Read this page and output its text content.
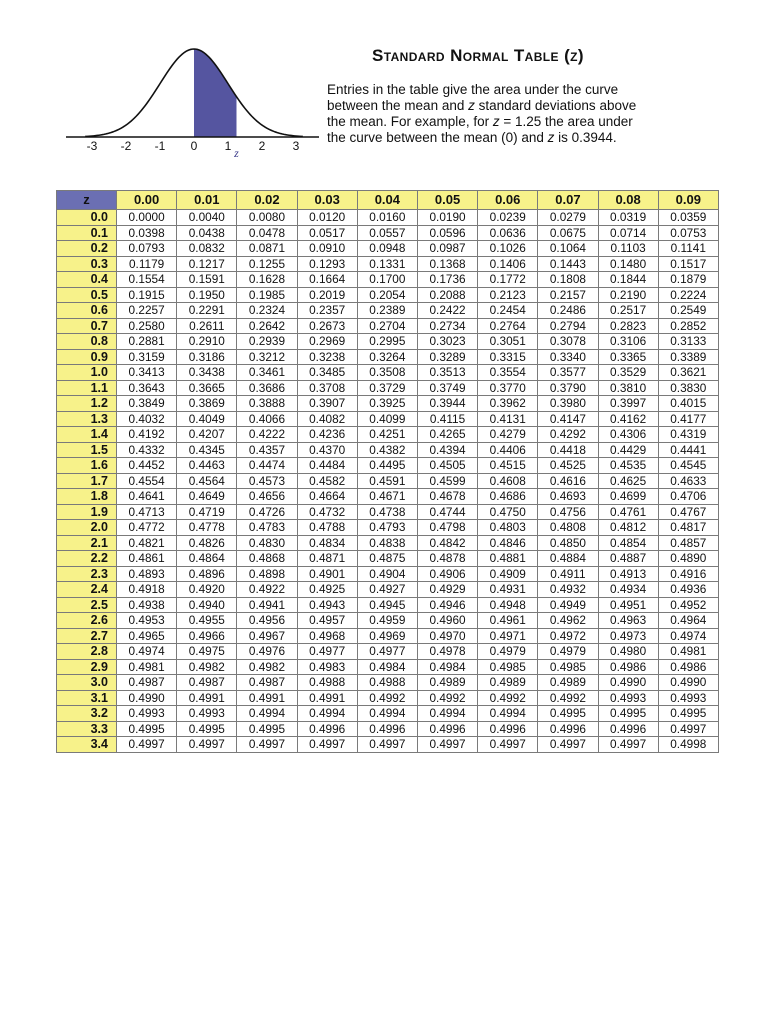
-3 -2 -1 0 1 2 3
z
Standard Normal Table (z)
Entries in the table give the area under the curve
between the mean and z standard deviations above
the mean. For example, for z = 1.25 the area under
the curve between the mean (0) and z is 0.3944.
z	0.00	0.01	0.02	0.03	0.04	0.05	0.06	0.07	0.08	0.09
0.0	0.0000	0.0040	0.0080	0.0120	0.0160	0.0190	0.0239	0.0279	0.0319	0.0359
0.1	0.0398	0.0438	0.0478	0.0517	0.0557	0.0596	0.0636	0.0675	0.0714	0.0753
0.2	0.0793	0.0832	0.0871	0.0910	0.0948	0.0987	0.1026	0.1064	0.1103	0.1141
0.3	0.1179	0.1217	0.1255	0.1293	0.1331	0.1368	0.1406	0.1443	0.1480	0.1517
0.4	0.1554	0.1591	0.1628	0.1664	0.1700	0.1736	0.1772	0.1808	0.1844	0.1879
0.5	0.1915	0.1950	0.1985	0.2019	0.2054	0.2088	0.2123	0.2157	0.2190	0.2224
0.6	0.2257	0.2291	0.2324	0.2357	0.2389	0.2422	0.2454	0.2486	0.2517	0.2549
0.7	0.2580	0.2611	0.2642	0.2673	0.2704	0.2734	0.2764	0.2794	0.2823	0.2852
0.8	0.2881	0.2910	0.2939	0.2969	0.2995	0.3023	0.3051	0.3078	0.3106	0.3133
0.9	0.3159	0.3186	0.3212	0.3238	0.3264	0.3289	0.3315	0.3340	0.3365	0.3389
1.0	0.3413	0.3438	0.3461	0.3485	0.3508	0.3513	0.3554	0.3577	0.3529	0.3621
1.1	0.3643	0.3665	0.3686	0.3708	0.3729	0.3749	0.3770	0.3790	0.3810	0.3830
1.2	0.3849	0.3869	0.3888	0.3907	0.3925	0.3944	0.3962	0.3980	0.3997	0.4015
1.3	0.4032	0.4049	0.4066	0.4082	0.4099	0.4115	0.4131	0.4147	0.4162	0.4177
1.4	0.4192	0.4207	0.4222	0.4236	0.4251	0.4265	0.4279	0.4292	0.4306	0.4319
1.5	0.4332	0.4345	0.4357	0.4370	0.4382	0.4394	0.4406	0.4418	0.4429	0.4441
1.6	0.4452	0.4463	0.4474	0.4484	0.4495	0.4505	0.4515	0.4525	0.4535	0.4545
1.7	0.4554	0.4564	0.4573	0.4582	0.4591	0.4599	0.4608	0.4616	0.4625	0.4633
1.8	0.4641	0.4649	0.4656	0.4664	0.4671	0.4678	0.4686	0.4693	0.4699	0.4706
1.9	0.4713	0.4719	0.4726	0.4732	0.4738	0.4744	0.4750	0.4756	0.4761	0.4767
2.0	0.4772	0.4778	0.4783	0.4788	0.4793	0.4798	0.4803	0.4808	0.4812	0.4817
2.1	0.4821	0.4826	0.4830	0.4834	0.4838	0.4842	0.4846	0.4850	0.4854	0.4857
2.2	0.4861	0.4864	0.4868	0.4871	0.4875	0.4878	0.4881	0.4884	0.4887	0.4890
2.3	0.4893	0.4896	0.4898	0.4901	0.4904	0.4906	0.4909	0.4911	0.4913	0.4916
2.4	0.4918	0.4920	0.4922	0.4925	0.4927	0.4929	0.4931	0.4932	0.4934	0.4936
2.5	0.4938	0.4940	0.4941	0.4943	0.4945	0.4946	0.4948	0.4949	0.4951	0.4952
2.6	0.4953	0.4955	0.4956	0.4957	0.4959	0.4960	0.4961	0.4962	0.4963	0.4964
2.7	0.4965	0.4966	0.4967	0.4968	0.4969	0.4970	0.4971	0.4972	0.4973	0.4974
2.8	0.4974	0.4975	0.4976	0.4977	0.4977	0.4978	0.4979	0.4979	0.4980	0.4981
2.9	0.4981	0.4982	0.4982	0.4983	0.4984	0.4984	0.4985	0.4985	0.4986	0.4986
3.0	0.4987	0.4987	0.4987	0.4988	0.4988	0.4989	0.4989	0.4989	0.4990	0.4990
3.1	0.4990	0.4991	0.4991	0.4991	0.4992	0.4992	0.4992	0.4992	0.4993	0.4993
3.2	0.4993	0.4993	0.4994	0.4994	0.4994	0.4994	0.4994	0.4995	0.4995	0.4995
3.3	0.4995	0.4995	0.4995	0.4996	0.4996	0.4996	0.4996	0.4996	0.4996	0.4997
3.4	0.4997	0.4997	0.4997	0.4997	0.4997	0.4997	0.4997	0.4997	0.4997	0.4998
